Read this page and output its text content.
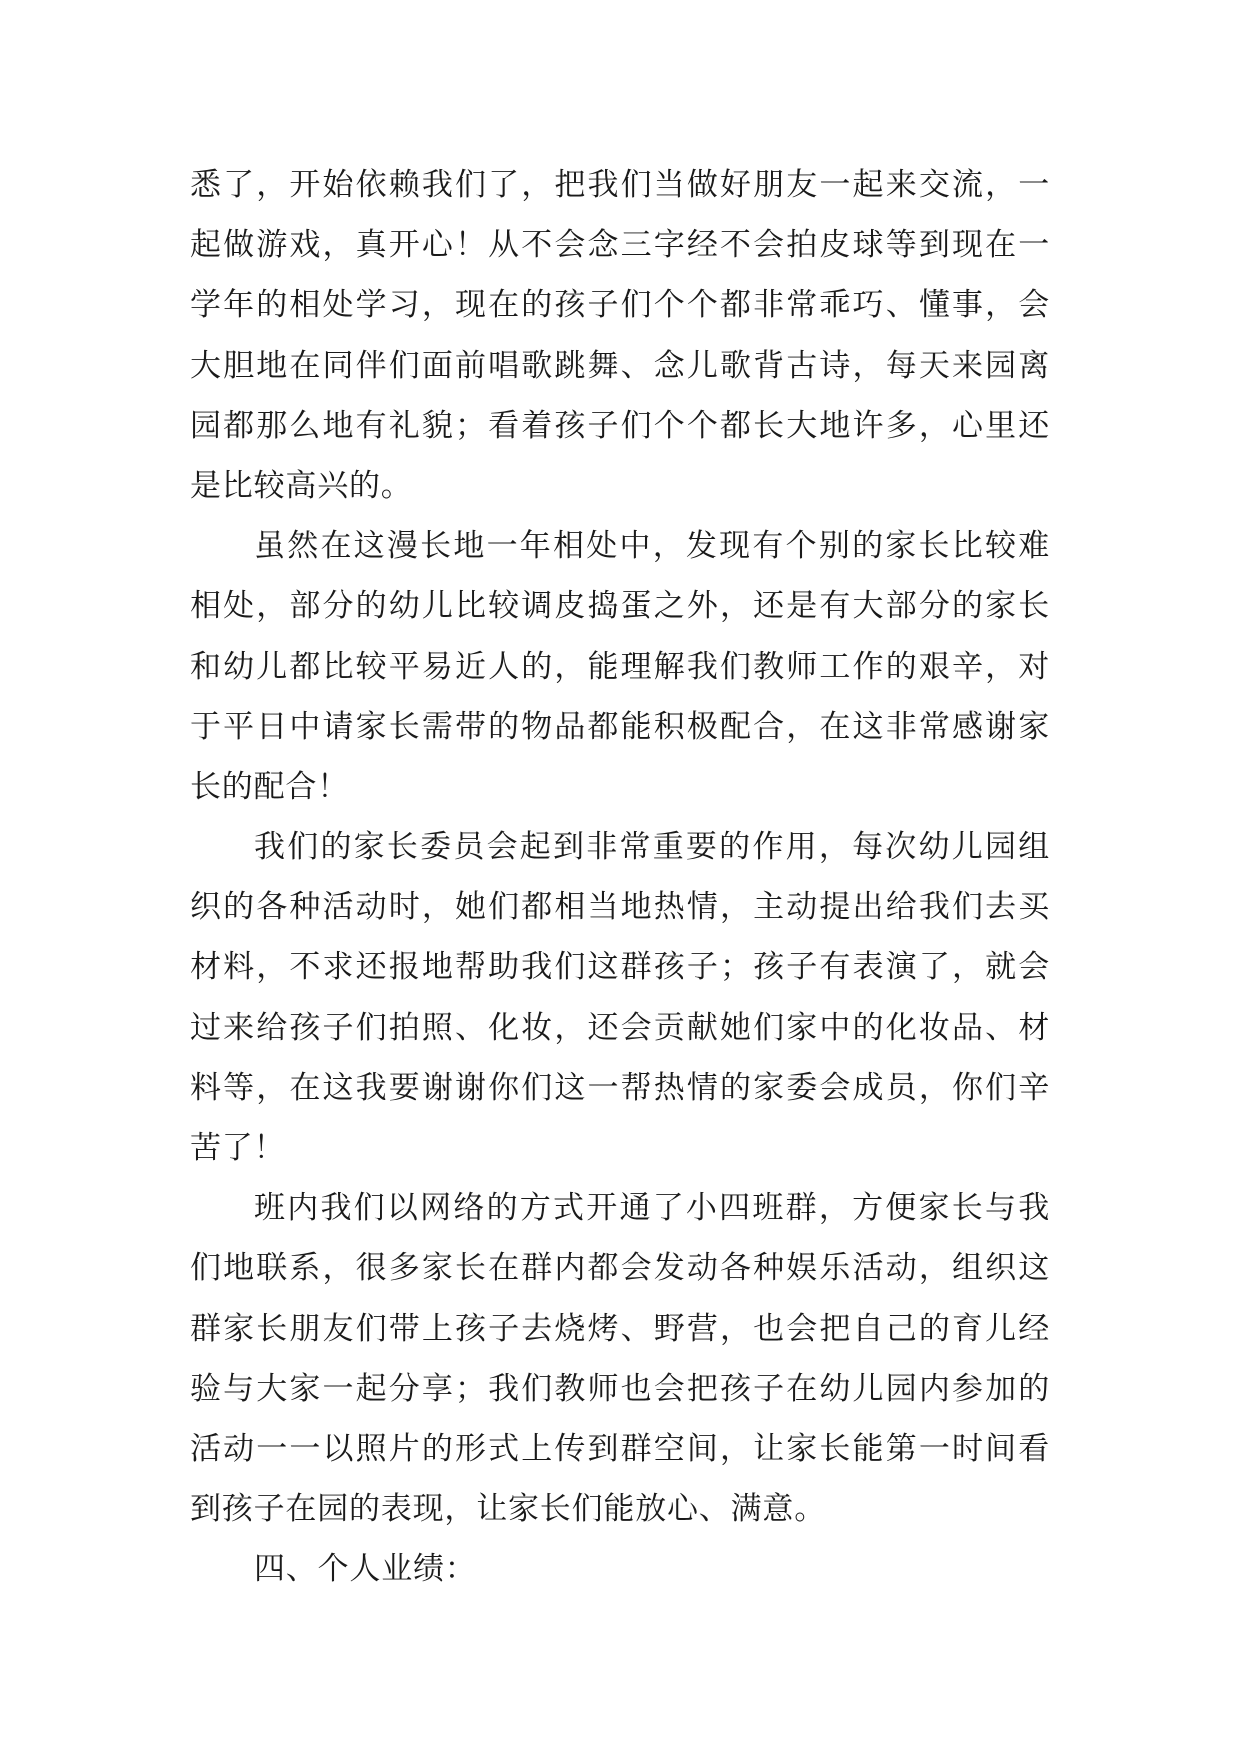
悉了，开始依赖我们了，把我们当做好朋友一起来交流，一
起做游戏，真开心！从不会念三字经不会拍皮球等到现在一
学年的相处学习，现在的孩子们个个都非常乖巧、懂事，会
大胆地在同伴们面前唱歌跳舞、念儿歌背古诗，每天来园离
园都那么地有礼貌；看着孩子们个个都长大地许多，心里还
是比较高兴的。
虽然在这漫长地一年相处中，发现有个别的家长比较难
相处，部分的幼儿比较调皮捣蛋之外，还是有大部分的家长
和幼儿都比较平易近人的，能理解我们教师工作的艰辛，对
于平日中请家长需带的物品都能积极配合，在这非常感谢家
长的配合！
我们的家长委员会起到非常重要的作用，每次幼儿园组
织的各种活动时，她们都相当地热情，主动提出给我们去买
材料，不求还报地帮助我们这群孩子；孩子有表演了，就会
过来给孩子们拍照、化妆，还会贡献她们家中的化妆品、材
料等，在这我要谢谢你们这一帮热情的家委会成员，你们辛
苦了！
班内我们以网络的方式开通了小四班群，方便家长与我
们地联系，很多家长在群内都会发动各种娱乐活动，组织这
群家长朋友们带上孩子去烧烤、野营，也会把自己的育儿经
验与大家一起分享；我们教师也会把孩子在幼儿园内参加的
活动一一以照片的形式上传到群空间，让家长能第一时间看
到孩子在园的表现，让家长们能放心、满意。
四、个人业绩：
